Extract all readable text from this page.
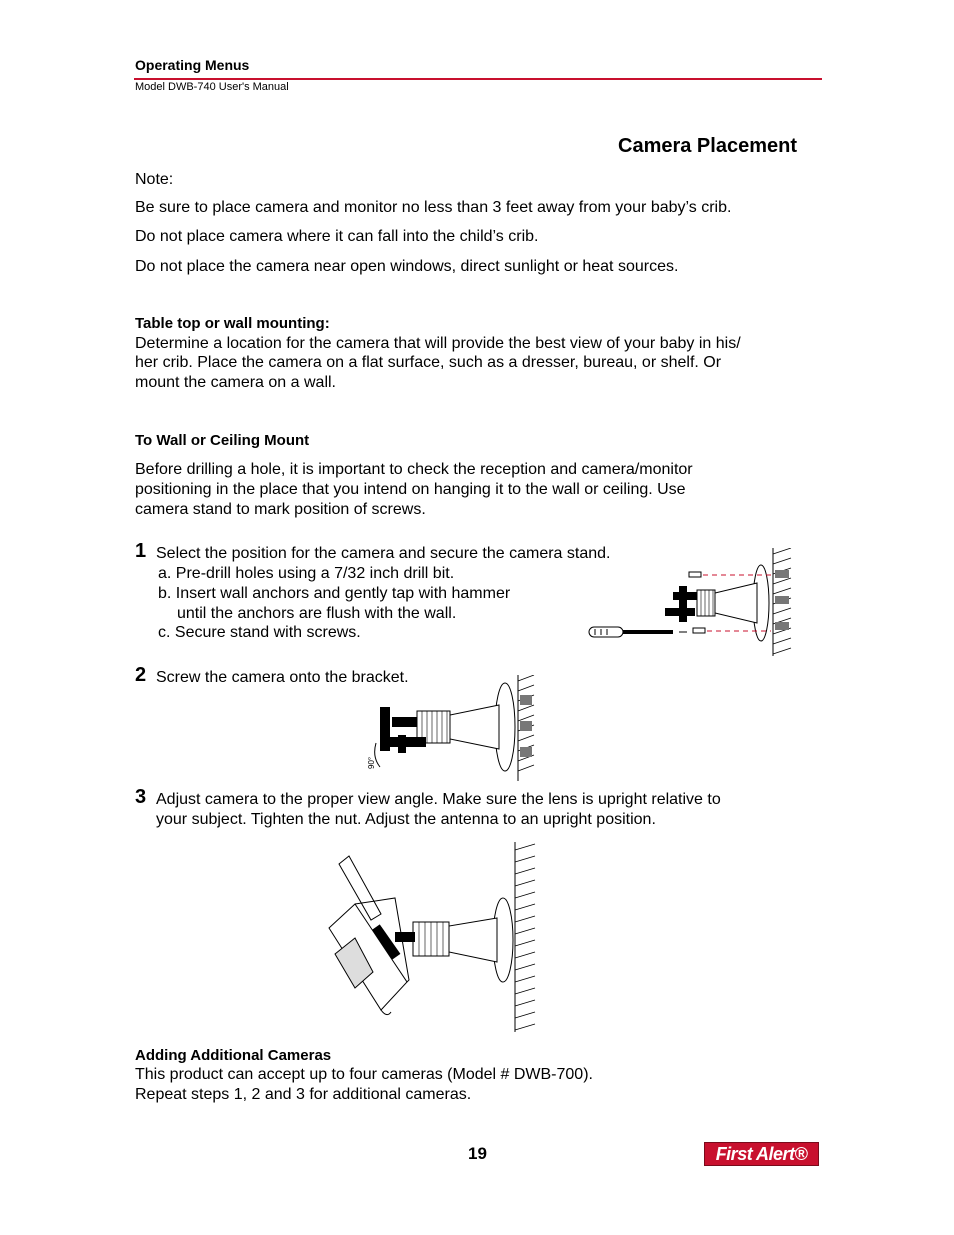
Operating Menus
Model DWB-740 User's Manual
Camera Placement
Note:
Be sure to place camera and monitor no less than 3 feet away from your baby’s crib.
Do not place camera where it can fall into the child’s crib.
Do not place the camera near open windows, direct sunlight or heat sources.
Table top or wall mounting:
Determine a location for the camera that will provide the best view of your baby in his/
her crib. Place the camera on a flat surface, such as a dresser, bureau, or shelf. Or
mount the camera on a wall.
To Wall or Ceiling Mount
Before drilling a hole, it is important to check the reception and camera/monitor
positioning in the place that you intend on hanging it to the wall or ceiling. Use
camera stand to mark position of screws.
1 Select the position for the camera and secure the camera stand.
a. Pre-drill holes using a 7/32 inch drill bit.
b. Insert wall anchors and gently tap with hammer
until the anchors are flush with the wall.
c. Secure stand with screws.
2 Screw the camera onto the bracket.
90°
3 Adjust camera to the proper view angle. Make sure the lens is upright relative to
your subject. Tighten the nut. Adjust the antenna to an upright position.
Adding Additional Cameras
This product can accept up to four cameras (Model # DWB-700).
Repeat steps 1, 2 and 3 for additional cameras.
19	First Alert®
